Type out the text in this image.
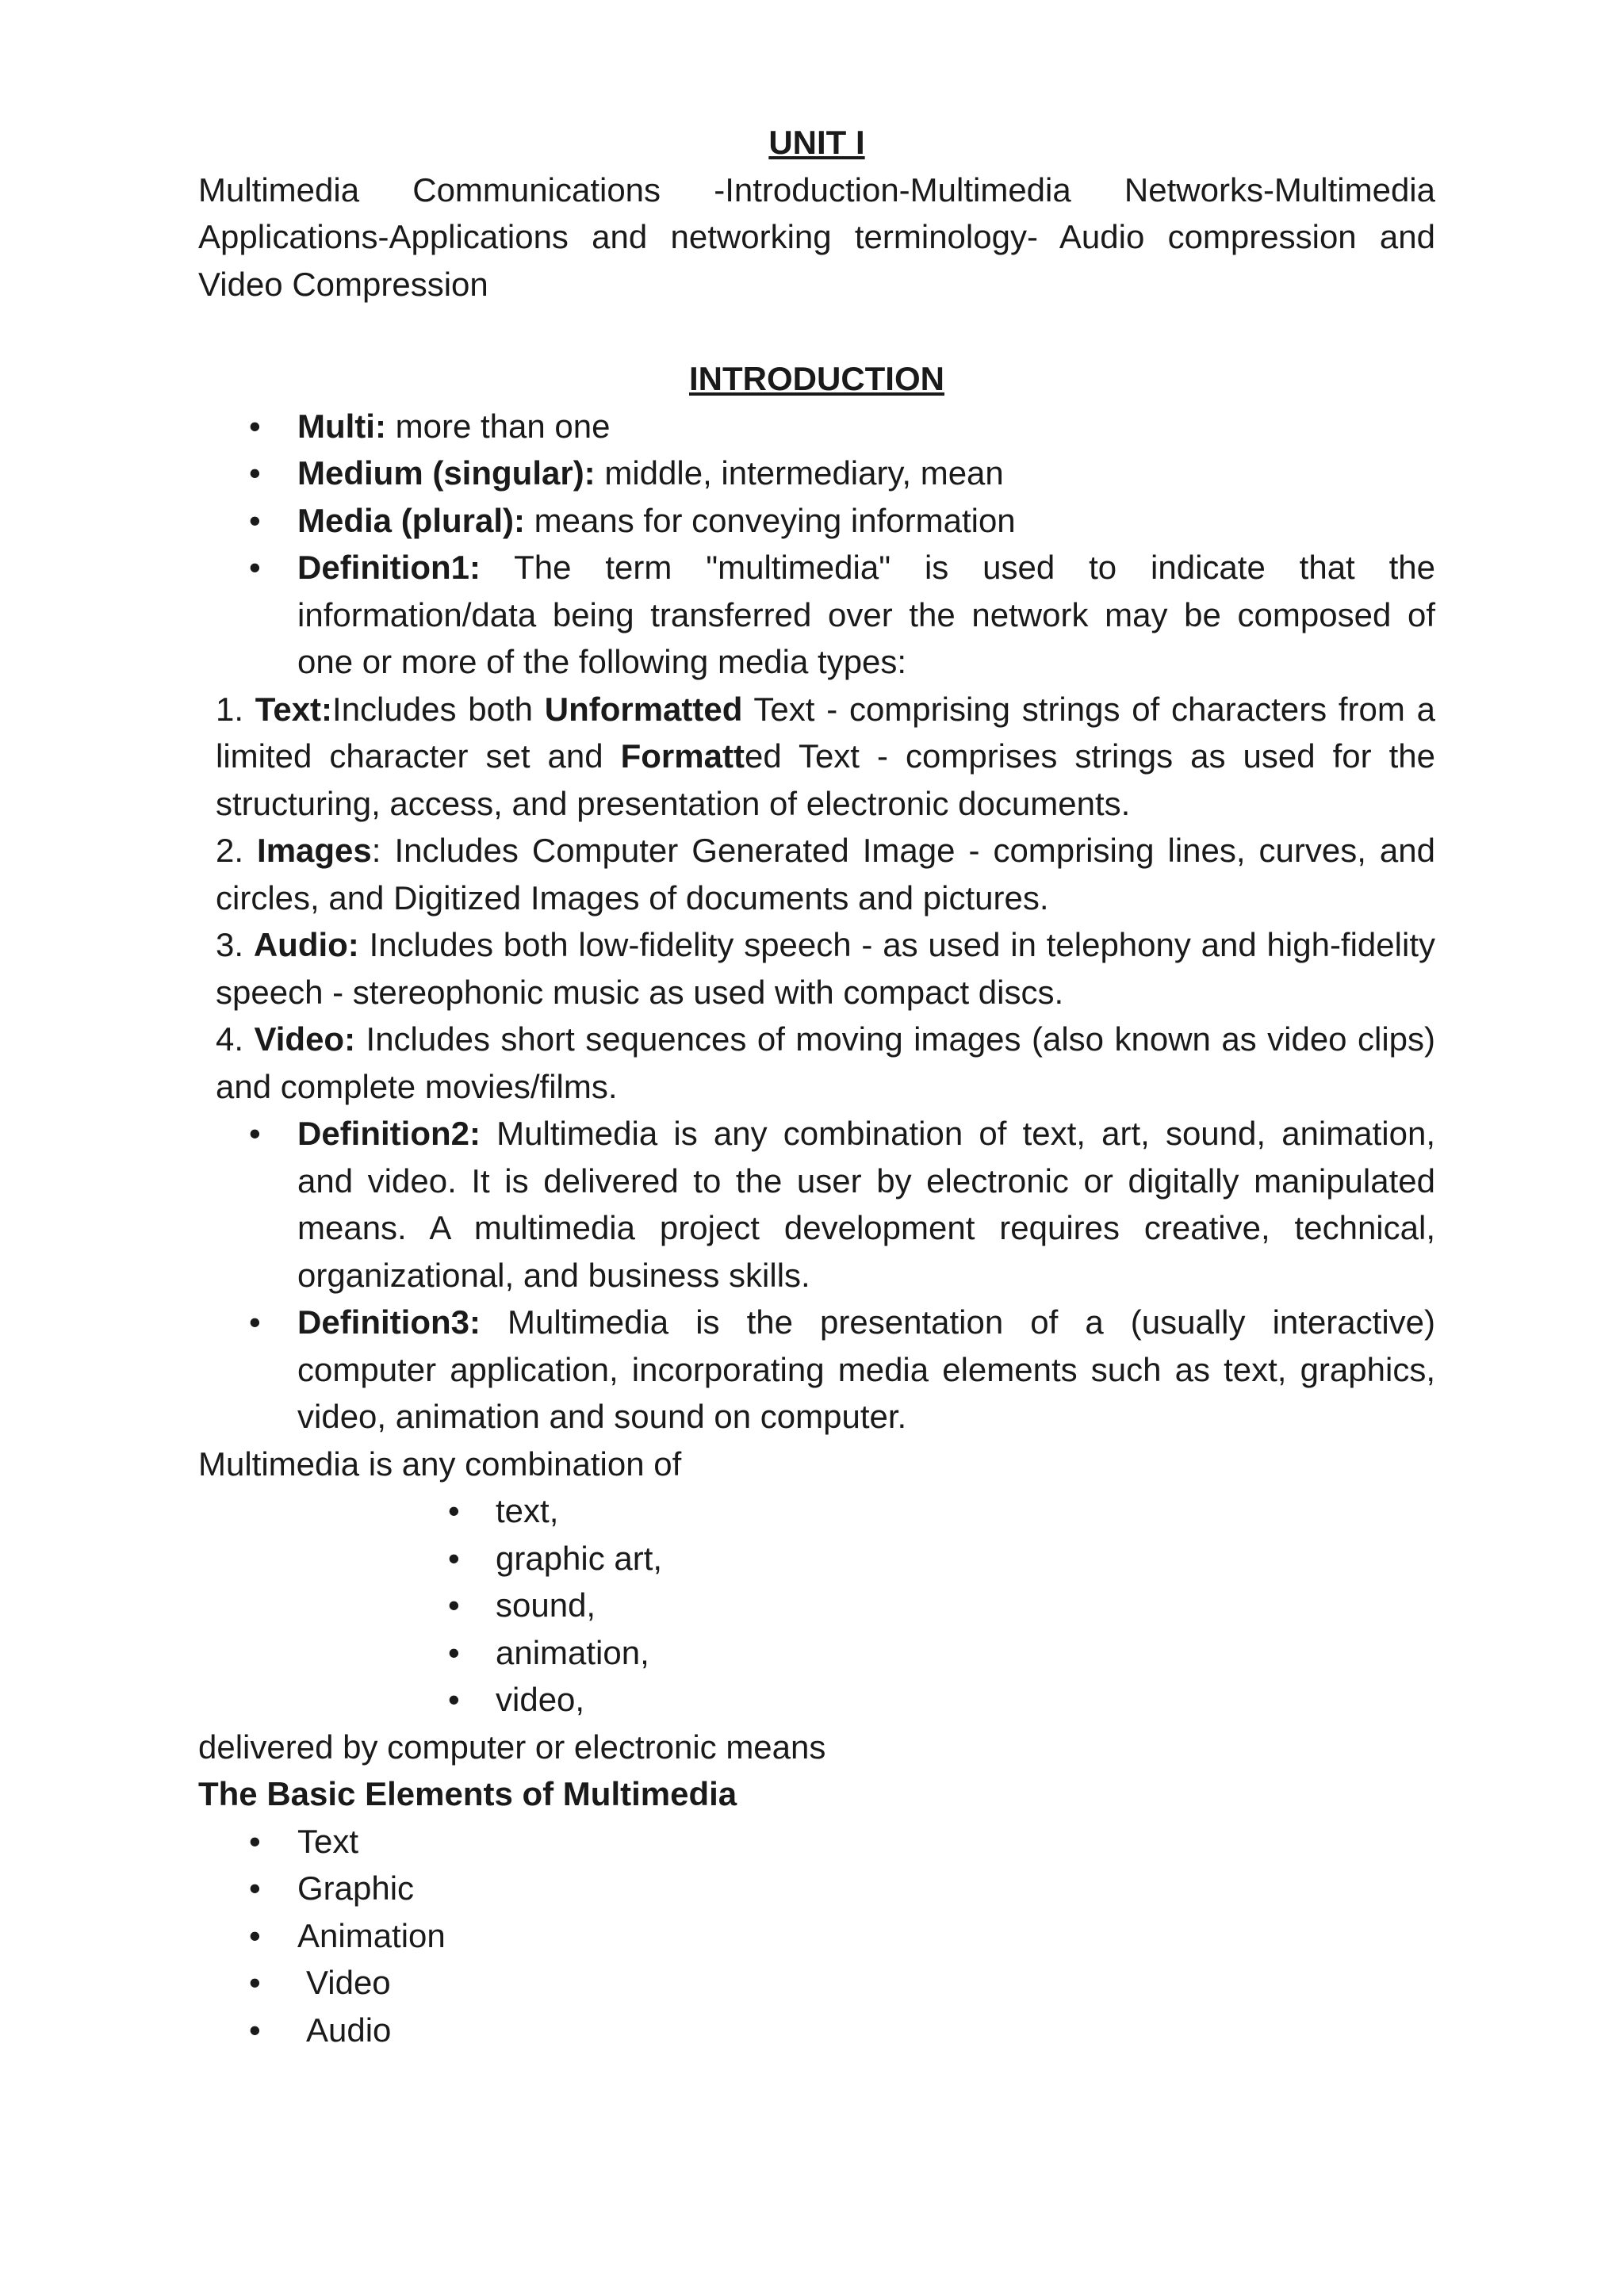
UNIT I
Multimedia Communications -Introduction-Multimedia Networks-Multimedia Applications-Applications and networking terminology- Audio compression and Video Compression
INTRODUCTION
• Multi: more than one
• Medium (singular): middle, intermediary, mean
• Media (plural): means for conveying information
• Definition1: The term "multimedia" is used to indicate that the information/data being transferred over the network may be composed of one or more of the following media types:
1. Text:Includes both Unformatted Text - comprising strings of characters from a limited character set and Formatted Text - comprises strings as used for the structuring, access, and presentation of electronic documents.
2. Images: Includes Computer Generated Image - comprising lines, curves, and circles, and Digitized Images of documents and pictures.
3. Audio: Includes both low-fidelity speech - as used in telephony and high-fidelity speech - stereophonic music as used with compact discs.
4. Video: Includes short sequences of moving images (also known as video clips) and complete movies/films.
• Definition2: Multimedia is any combination of text, art, sound, animation, and video. It is delivered to the user by electronic or digitally manipulated means. A multimedia project development requires creative, technical, organizational, and business skills.
• Definition3: Multimedia is the presentation of a (usually interactive) computer application, incorporating media elements such as text, graphics, video, animation and sound on computer.
Multimedia is any combination of
• text,
• graphic art,
• sound,
• animation,
• video,
delivered by computer or electronic means
The Basic Elements of Multimedia
• Text
• Graphic
• Animation
• Video
• Audio
